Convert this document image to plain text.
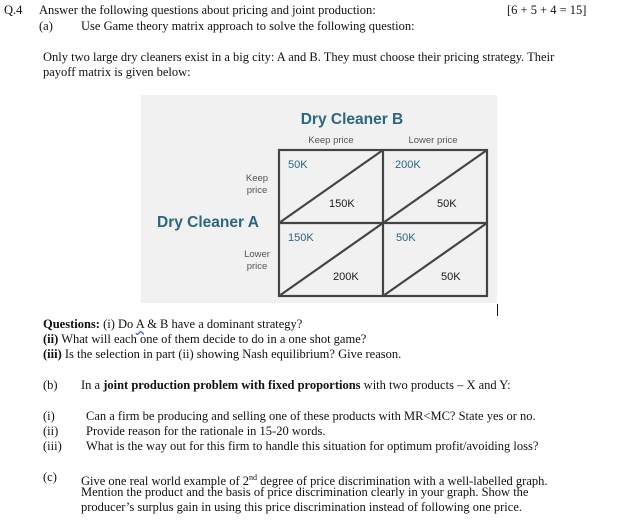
Q.4 Answer the following questions about pricing and joint production:	[6 + 5 + 4 = 15]
(a) Use Game theory matrix approach to solve the following question:
Only two large dry cleaners exist in a big city: A and B. They must choose their pricing strategy. Their
payoff matrix is given below:
Dry Cleaner B
Keep price	Lower price
Dry Cleaner A
Keep
price
Lower
price
50K
150K
200K
50K
150K
200K
50K
50K
Questions: (i) Do A & B have a dominant strategy?
(ii) What will each one of them decide to do in a one shot game?
(iii) Is the selection in part (ii) showing Nash equilibrium? Give reason.
(b) In a joint production problem with fixed proportions with two products – X and Y:
(i) Can a firm be producing and selling one of these products with MR<MC? State yes or no.
(ii) Provide reason for the rationale in 15-20 words.
(iii) What is the way out for this firm to handle this situation for optimum profit/avoiding loss?
(c) Give one real world example of 2nd degree of price discrimination with a well-labelled graph.
Mention the product and the basis of price discrimination clearly in your graph. Show the
producer’s surplus gain in using this price discrimination instead of following one price.
